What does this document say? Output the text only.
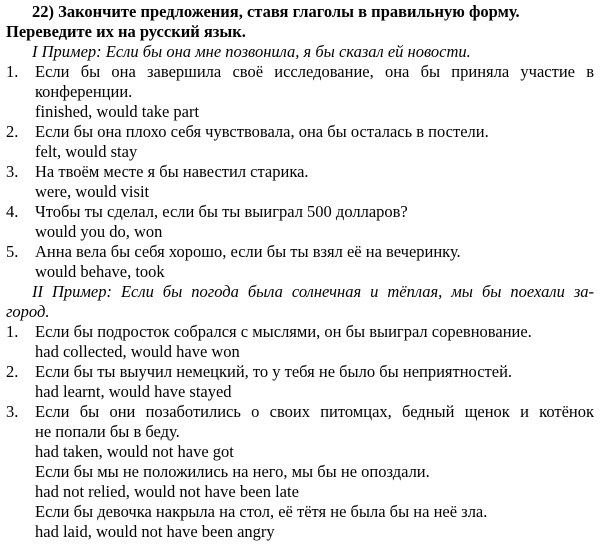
22) Закончите предложения, ставя глаголы в правильную форму.
Переведите их на русский язык.
I Пример: Если бы она мне позвонила, я бы сказал ей новости.
1. Если бы она завершила своё исследование, она бы приняла участие в
конференции.
finished, would take part
2. Если бы она плохо себя чувствовала, она бы осталась в постели.
felt, would stay
3. На твоём месте я бы навестил старика.
were, would visit
4. Чтобы ты сделал, если бы ты выиграл 500 долларов?
would you do, won
5. Анна вела бы себя хорошо, если бы ты взял её на вечеринку.
would behave, took
II Пример: Если бы погода была солнечная и тёплая, мы бы поехали за-
город.
1. Если бы подросток собрался с мыслями, он бы выиграл соревнование.
had collected, would have won
2. Если бы ты выучил немецкий, то у тебя не было бы неприятностей.
had learnt, would have stayed
3. Если бы они позаботились о своих питомцах, бедный щенок и котёнок
не попали бы в беду.
had taken, would not have got
Если бы мы не положились на него, мы бы не опоздали.
had not relied, would not have been late
Если бы девочка накрыла на стол, её тётя не была бы на неё зла.
had laid, would not have been angry
